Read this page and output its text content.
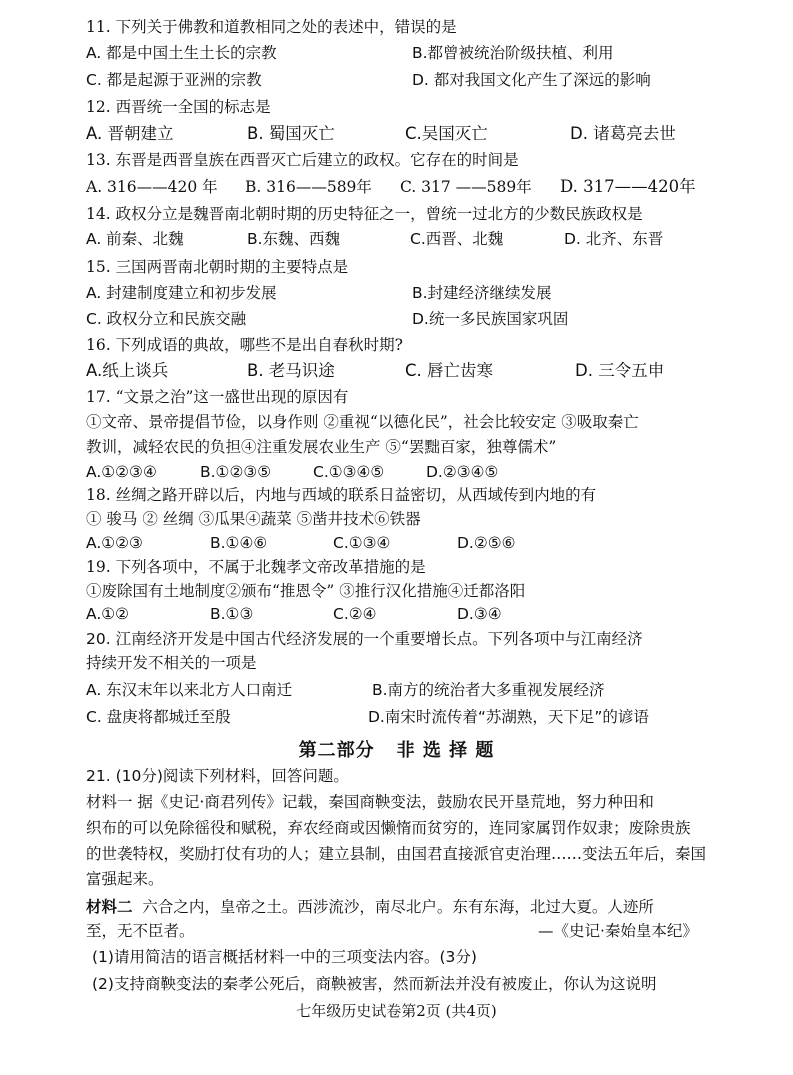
11. 下列关于佛教和道教相同之处的表述中，错误的是
A. 都是中国土生土长的宗教	B.都曾被统治阶级扶植、利用
C. 都是起源于亚洲的宗教	D. 都对我国文化产生了深远的影响
12. 西晋统一全国的标志是
A. 晋朝建立	B. 蜀国灭亡	C.吴国灭亡	D. 诸葛亮去世
13. 东晋是西晋皇族在西晋灭亡后建立的政权。它存在的时间是
A. 316——420 年 B. 316——589年 C. 317 ——589年 D. 317——420年
14. 政权分立是魏晋南北朝时期的历史特征之一，曾统一过北方的少数民族政权是
A. 前秦、北魏	B.东魏、西魏	C.西晋、北魏	D. 北齐、东晋
15. 三国两晋南北朝时期的主要特点是
A. 封建制度建立和初步发展	B.封建经济继续发展
C. 政权分立和民族交融	D.统一多民族国家巩固
16. 下列成语的典故，哪些不是出自春秋时期?
A.纸上谈兵	B. 老马识途	C. 唇亡齿寒	D. 三令五申
17. “文景之治”这一盛世出现的原因有
①文帝、景帝提倡节俭，以身作则 ②重视“以德化民”，社会比较安定 ③吸取秦亡
教训，减轻农民的负担④注重发展农业生产 ⑤“罢黜百家，独尊儒术”
A.①②③④	B.①②③⑤	C.①③④⑤	D.②③④⑤
18. 丝绸之路开辟以后，内地与西域的联系日益密切，从西域传到内地的有
① 骏马 ② 丝绸 ③瓜果④蔬菜 ⑤凿井技术⑥铁器
A.①②③	B.①④⑥	C.①③④	D.②⑤⑥
19. 下列各项中，不属于北魏孝文帝改革措施的是
①废除国有土地制度②颁布“推恩令” ③推行汉化措施④迁都洛阳
A.①②	B.①③	C.②④	D.③④
20. 江南经济开发是中国古代经济发展的一个重要增长点。下列各项中与江南经济
持续开发不相关的一项是
A. 东汉末年以来北方人口南迁	B.南方的统治者大多重视发展经济
C. 盘庚将都城迁至殷	D.南宋时流传着“苏湖熟，天下足”的谚语
第二部分 非 选 择 题
21. (10分)阅读下列材料，回答问题。
材料一 据《史记·商君列传》记载，秦国商鞅变法，鼓励农民开垦荒地，努力种田和
织布的可以免除徭役和赋税，弃农经商或因懒惰而贫穷的，连同家属罚作奴隶；废除贵族
的世袭特权，奖励打仗有功的人；建立县制，由国君直接派官吏治理……变法五年后，秦国
富强起来。
材料二 六合之内，皇帝之土。西涉流沙，南尽北户。东有东海，北过大夏。人迹所
至，无不臣者。	—《史记·秦始皇本纪》
(1)请用简洁的语言概括材料一中的三项变法内容。(3分)
(2)支持商鞅变法的秦孝公死后，商鞅被害，然而新法并没有被废止，你认为这说明
七年级历史试卷第2页 (共4页)
